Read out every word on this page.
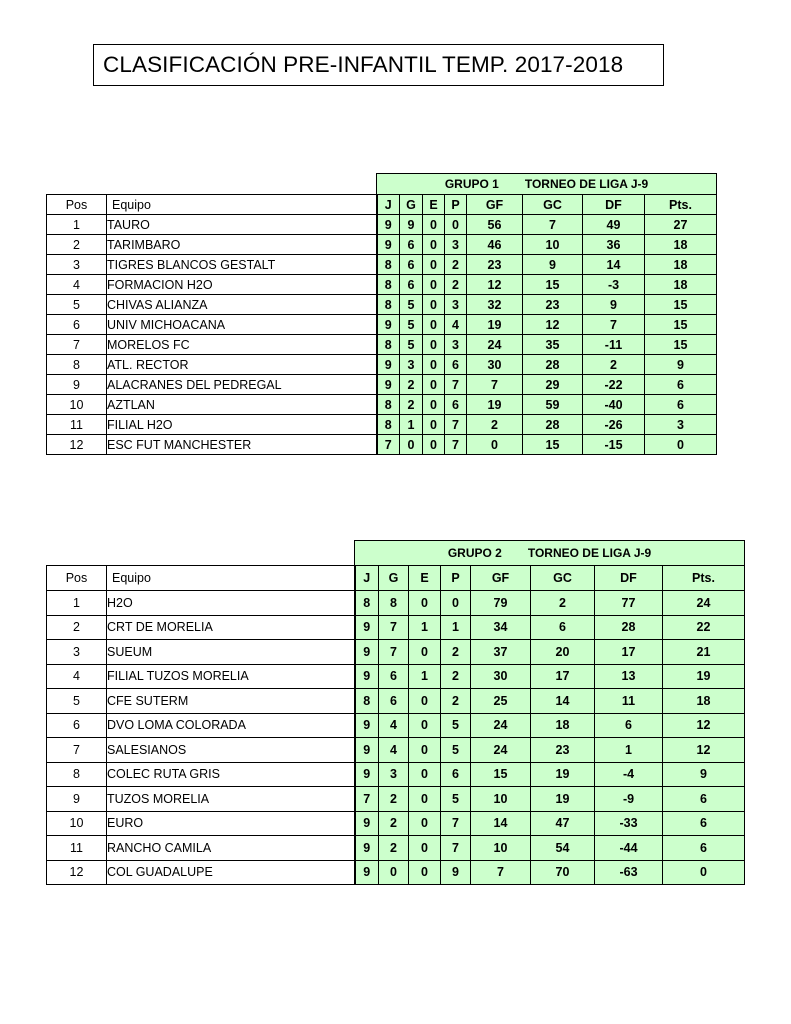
CLASIFICACIÓN PRE-INFANTIL TEMP. 2017-2018
		GRUPO 1 TORNEO DE LIGA J-9							
Pos	Equipo	J	G	E	P	GF	GC	DF	Pts.
1	TAURO	9	9	0	0	56	7	49	27
2	TARIMBARO	9	6	0	3	46	10	36	18
3	TIGRES BLANCOS GESTALT	8	6	0	2	23	9	14	18
4	FORMACION H2O	8	6	0	2	12	15	-3	18
5	CHIVAS ALIANZA	8	5	0	3	32	23	9	15
6	UNIV MICHOACANA	9	5	0	4	19	12	7	15
7	MORELOS FC	8	5	0	3	24	35	-11	15
8	ATL. RECTOR	9	3	0	6	30	28	2	9
9	ALACRANES DEL PEDREGAL	9	2	0	7	7	29	-22	6
10	AZTLAN	8	2	0	6	19	59	-40	6
11	FILIAL H2O	8	1	0	7	2	28	-26	3
12	ESC FUT MANCHESTER	7	0	0	7	0	15	-15	0
		GRUPO 2 TORNEO DE LIGA J-9							
Pos	Equipo	J	G	E	P	GF	GC	DF	Pts.
1	H2O	8	8	0	0	79	2	77	24
2	CRT DE MORELIA	9	7	1	1	34	6	28	22
3	SUEUM	9	7	0	2	37	20	17	21
4	FILIAL TUZOS MORELIA	9	6	1	2	30	17	13	19
5	CFE SUTERM	8	6	0	2	25	14	11	18
6	DVO LOMA COLORADA	9	4	0	5	24	18	6	12
7	SALESIANOS	9	4	0	5	24	23	1	12
8	COLEC RUTA GRIS	9	3	0	6	15	19	-4	9
9	TUZOS MORELIA	7	2	0	5	10	19	-9	6
10	EURO	9	2	0	7	14	47	-33	6
11	RANCHO CAMILA	9	2	0	7	10	54	-44	6
12	COL GUADALUPE	9	0	0	9	7	70	-63	0
